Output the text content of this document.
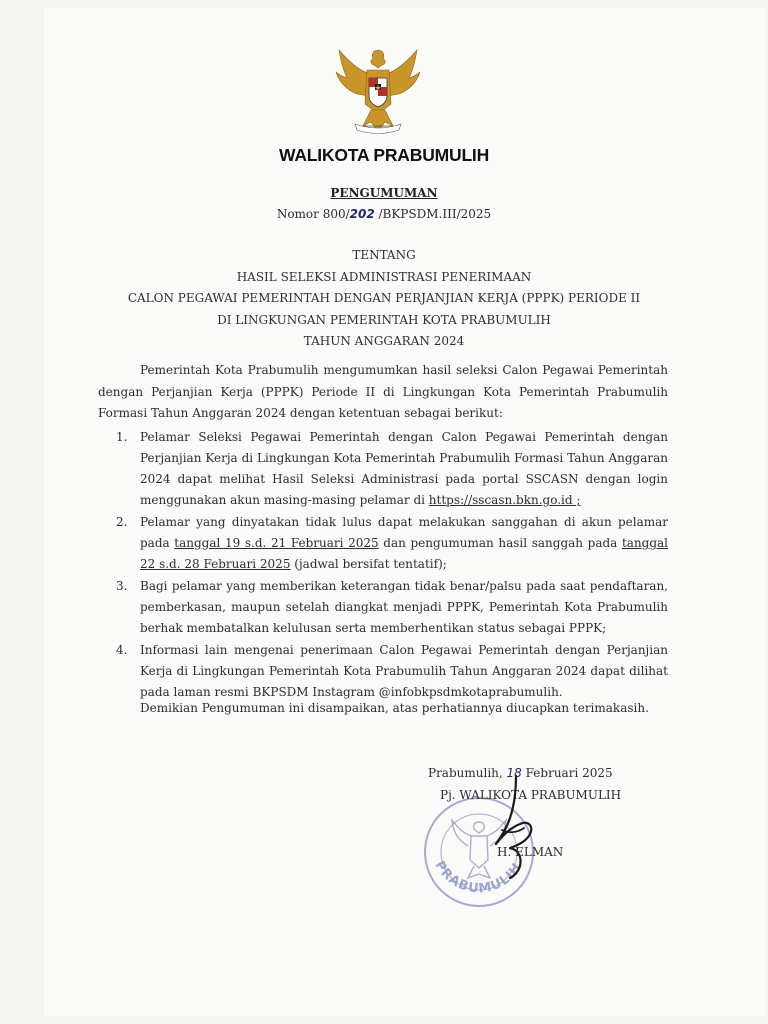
WALIKOTA PRABUMULIH
PENGUMUMAN
Nomor 800/202 /BKPSDM.III/2025
TENTANG
HASIL SELEKSI ADMINISTRASI PENERIMAAN
CALON PEGAWAI PEMERINTAH DENGAN PERJANJIAN KERJA (PPPK) PERIODE II
DI LINGKUNGAN PEMERINTAH KOTA PRABUMULIH
TAHUN ANGGARAN 2024
Pemerintah Kota Prabumulih mengumumkan hasil seleksi Calon Pegawai Pemerintah dengan Perjanjian Kerja (PPPK) Periode II di Lingkungan Kota Pemerintah Prabumulih Formasi Tahun Anggaran 2024 dengan ketentuan sebagai berikut:
1. Pelamar Seleksi Pegawai Pemerintah dengan Calon Pegawai Pemerintah dengan Perjanjian Kerja di Lingkungan Kota Pemerintah Prabumulih Formasi Tahun Anggaran 2024 dapat melihat Hasil Seleksi Administrasi pada portal SSCASN dengan login menggunakan akun masing-masing pelamar di https://sscasn.bkn.go.id ;
2. Pelamar yang dinyatakan tidak lulus dapat melakukan sanggahan di akun pelamar pada tanggal 19 s.d. 21 Februari 2025 dan pengumuman hasil sanggah pada tanggal 22 s.d. 28 Februari 2025 (jadwal bersifat tentatif);
3. Bagi pelamar yang memberikan keterangan tidak benar/palsu pada saat pendaftaran, pemberkasan, maupun setelah diangkat menjadi PPPK, Pemerintah Kota Prabumulih berhak membatalkan kelulusan serta memberhentikan status sebagai PPPK;
4. Informasi lain mengenai penerimaan Calon Pegawai Pemerintah dengan Perjanjian Kerja di Lingkungan Pemerintah Kota Prabumulih Tahun Anggaran 2024 dapat dilihat pada laman resmi BKPSDM Instagram @infobkpsdmkotaprabumulih.
Demikian Pengumuman ini disampaikan, atas perhatiannya diucapkan terimakasih.
PRABUMULIH
Prabumulih, 18 Februari 2025
Pj. WALIKOTA PRABUMULIH
H. ELMAN
